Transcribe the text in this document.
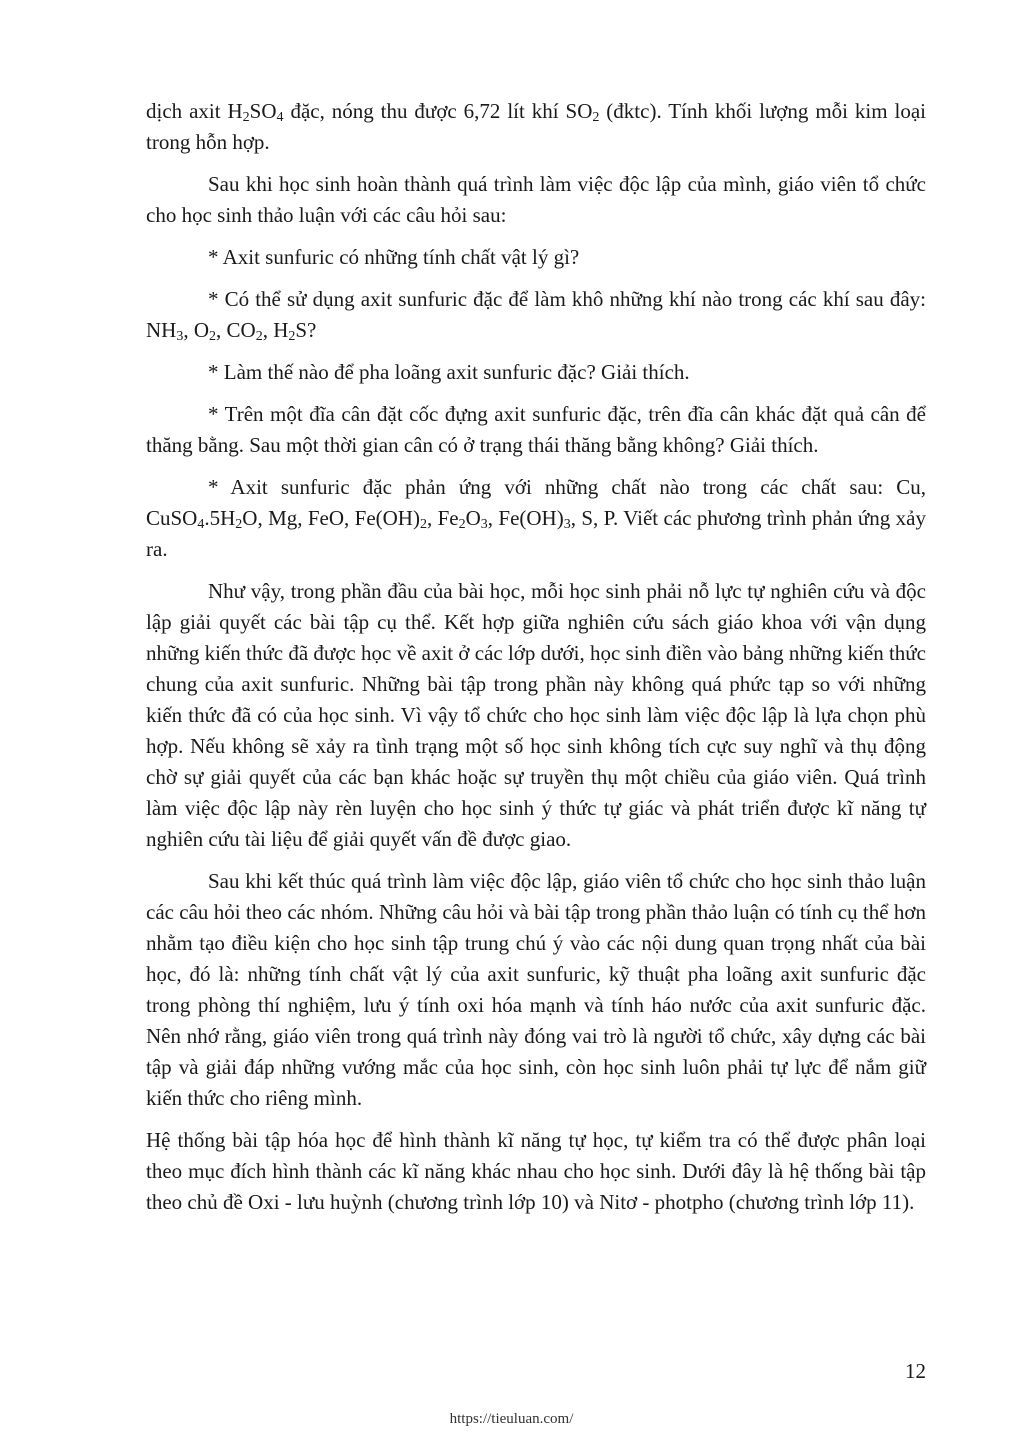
dịch axit $H_2SO_4$ đặc, nóng thu được 6,72 lít khí $SO_2$ (đktc). Tính khối lượng mỗi kim loại trong hỗn hợp.

Sau khi học sinh hoàn thành quá trình làm việc độc lập của mình, giáo viên tổ chức cho học sinh thảo luận với các câu hỏi sau:

* Axit sunfuric có những tính chất vật lý gì?

* Có thể sử dụng axit sunfuric đặc để làm khô những khí nào trong các khí sau đây: $NH_3$, $O_2$, $CO_2$, $H_2S$?

* Làm thế nào để pha loãng axit sunfuric đặc? Giải thích.

* Trên một đĩa cân đặt cốc đựng axit sunfuric đặc, trên đĩa cân khác đặt quả cân để thăng bằng. Sau một thời gian cân có ở trạng thái thăng bằng không? Giải thích.

* Axit sunfuric đặc phản ứng với những chất nào trong các chất sau: Cu, $CuSO_4.5H_2O$, Mg, FeO, $Fe(OH)_2$, $Fe_2O_3$, $Fe(OH)_3$, S, P. Viết các phương trình phản ứng xảy ra.

Như vậy, trong phần đầu của bài học, mỗi học sinh phải nỗ lực tự nghiên cứu và độc lập giải quyết các bài tập cụ thể. Kết hợp giữa nghiên cứu sách giáo khoa với vận dụng những kiến thức đã được học về axit ở các lớp dưới, học sinh điền vào bảng những kiến thức chung của axit sunfuric. Những bài tập trong phần này không quá phức tạp so với những kiến thức đã có của học sinh. Vì vậy tổ chức cho học sinh làm việc độc lập là lựa chọn phù hợp. Nếu không sẽ xảy ra tình trạng một số học sinh không tích cực suy nghĩ và thụ động chờ sự giải quyết của các bạn khác hoặc sự truyền thụ một chiều của giáo viên. Quá trình làm việc độc lập này rèn luyện cho học sinh ý thức tự giác và phát triển được kĩ năng tự nghiên cứu tài liệu để giải quyết vấn đề được giao.

Sau khi kết thúc quá trình làm việc độc lập, giáo viên tổ chức cho học sinh thảo luận các câu hỏi theo các nhóm. Những câu hỏi và bài tập trong phần thảo luận có tính cụ thể hơn nhằm tạo điều kiện cho học sinh tập trung chú ý vào các nội dung quan trọng nhất của bài học, đó là: những tính chất vật lý của axit sunfuric, kỹ thuật pha loãng axit sunfuric đặc trong phòng thí nghiệm, lưu ý tính oxi hóa mạnh và tính háo nước của axit sunfuric đặc. Nên nhớ rằng, giáo viên trong quá trình này đóng vai trò là người tổ chức, xây dựng các bài tập và giải đáp những vướng mắc của học sinh, còn học sinh luôn phải tự lực để nắm giữ kiến thức cho riêng mình.

Hệ thống bài tập hóa học để hình thành kĩ năng tự học, tự kiểm tra có thể được phân loại theo mục đích hình thành các kĩ năng khác nhau cho học sinh. Dưới đây là hệ thống bài tập theo chủ đề Oxi - lưu huỳnh (chương trình lớp 10) và Nitơ - photpho (chương trình lớp 11).

12
https://tieuluan.com/
